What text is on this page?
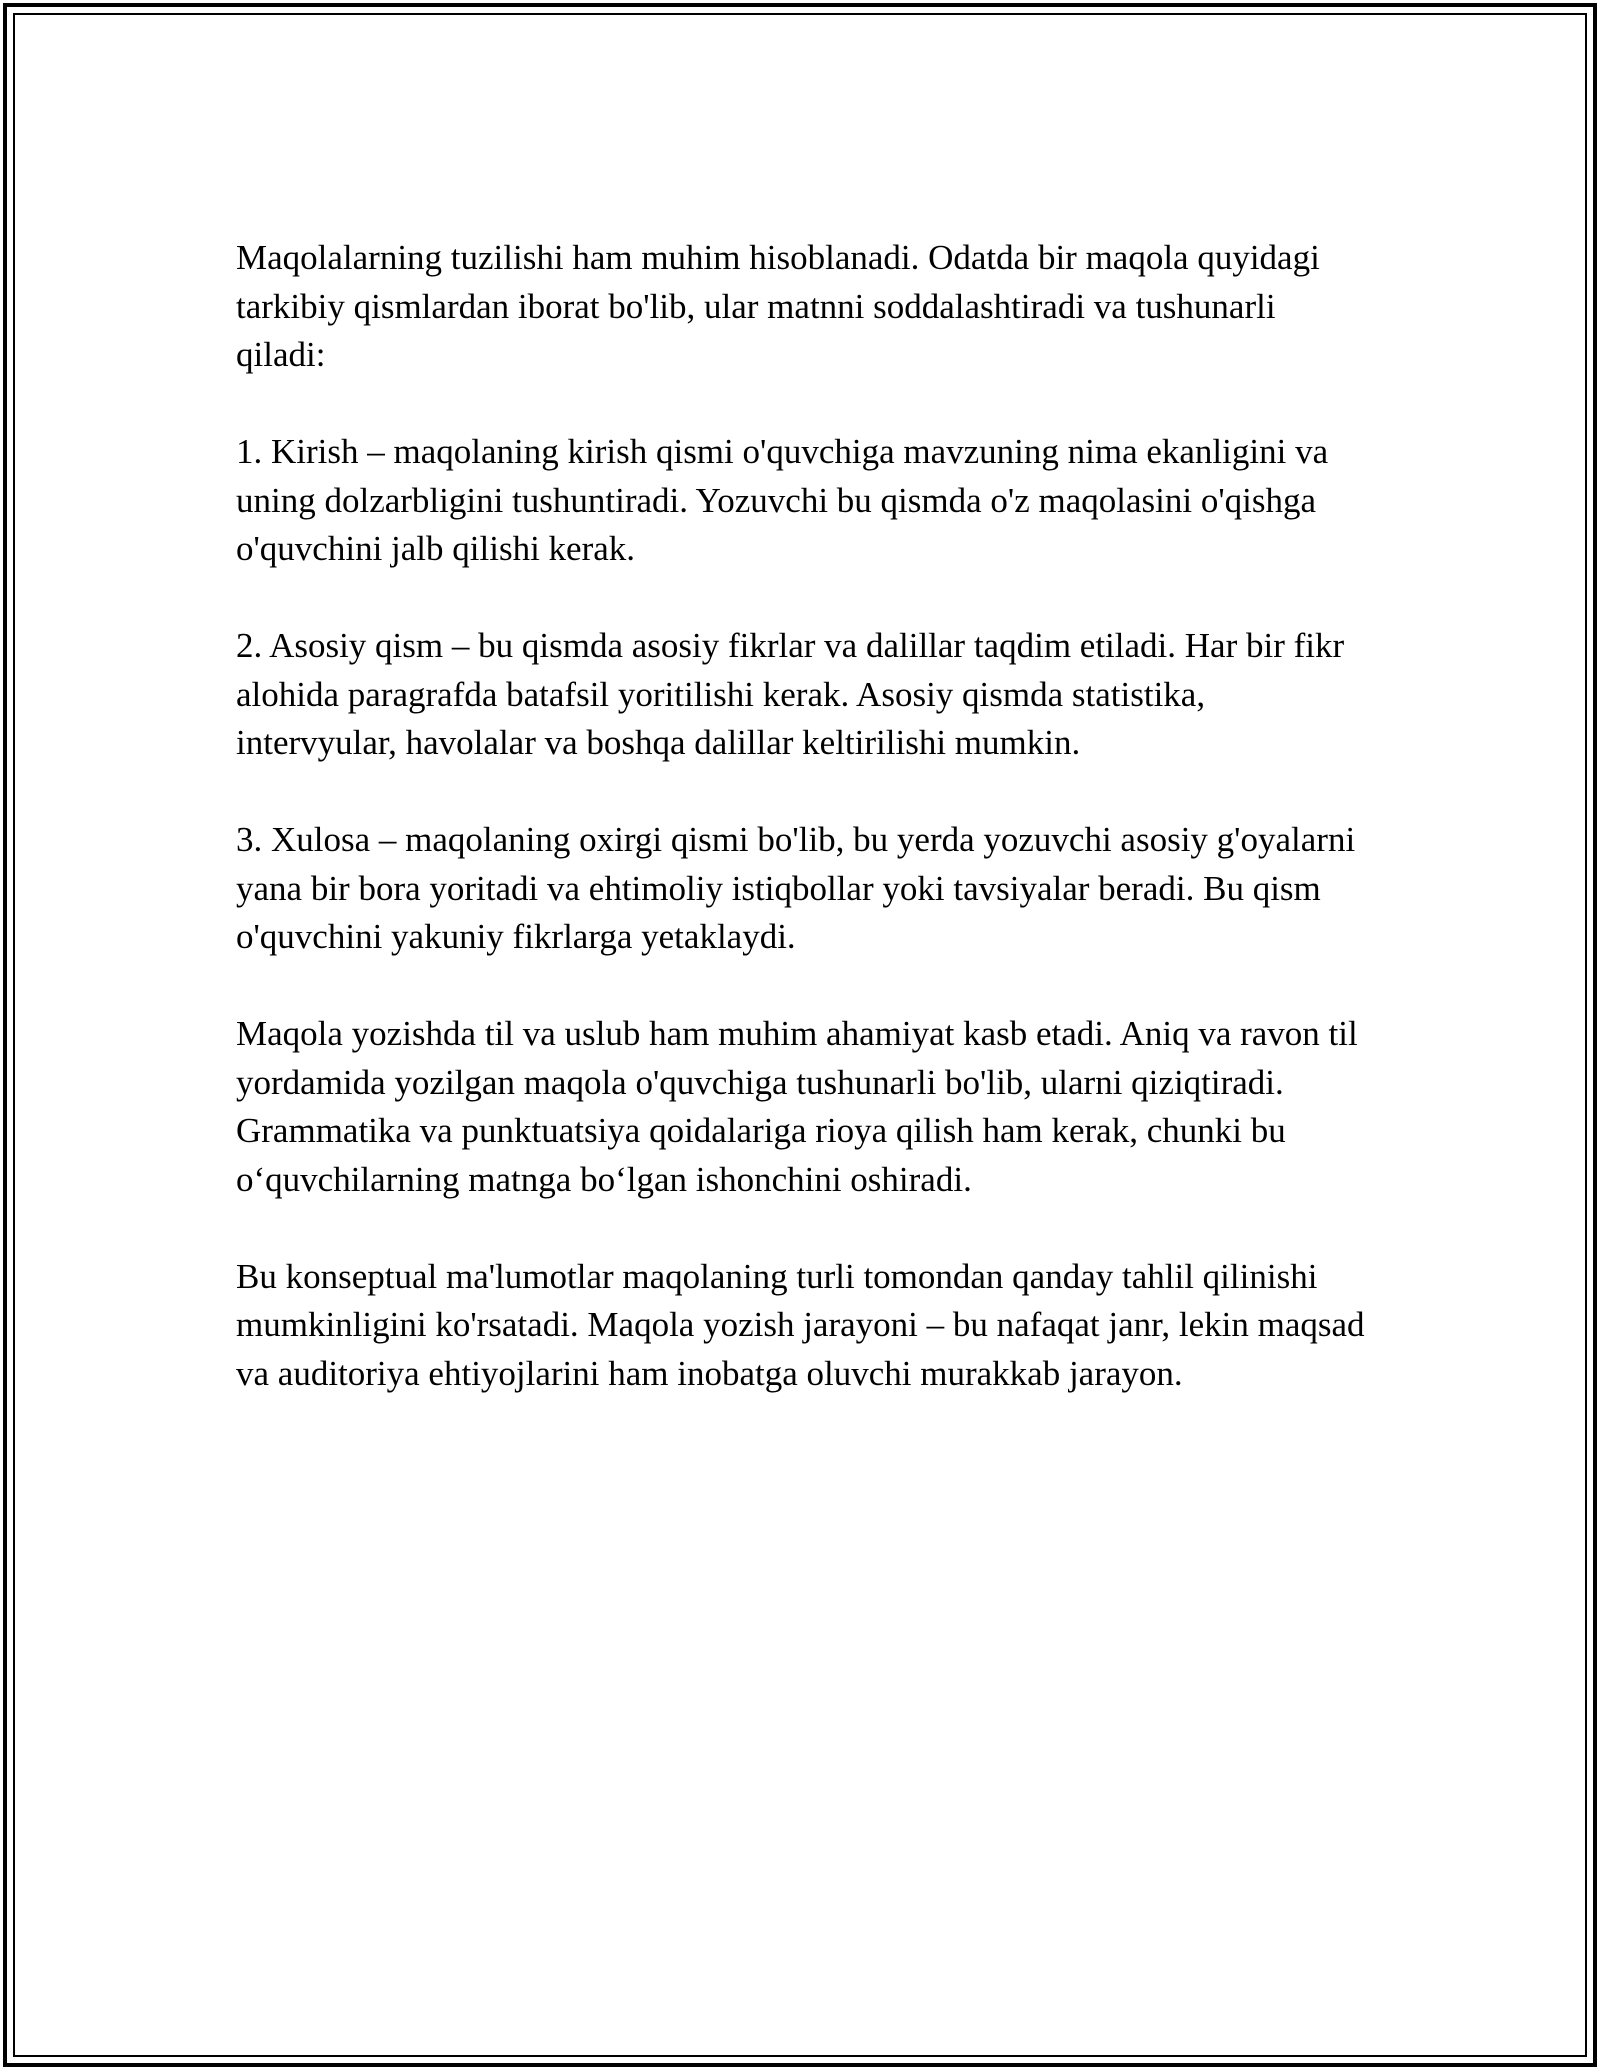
Maqolalarning tuzilishi ham muhim hisoblanadi. Odatda bir maqola quyidagi tarkibiy qismlardan iborat bo'lib, ular matnni soddalashtiradi va tushunarli qiladi:

1. Kirish – maqolaning kirish qismi o'quvchiga mavzuning nima ekanligini va uning dolzarbligini tushuntiradi. Yozuvchi bu qismda o'z maqolasini o'qishga o'quvchini jalb qilishi kerak.

2. Asosiy qism – bu qismda asosiy fikrlar va dalillar taqdim etiladi. Har bir fikr alohida paragrafda batafsil yoritilishi kerak. Asosiy qismda statistika, intervyular, havolalar va boshqa dalillar keltirilishi mumkin.

3. Xulosa – maqolaning oxirgi qismi bo'lib, bu yerda yozuvchi asosiy g'oyalarni yana bir bora yoritadi va ehtimoliy istiqbollar yoki tavsiyalar beradi. Bu qism o'quvchini yakuniy fikrlarga yetaklaydi.

Maqola yozishda til va uslub ham muhim ahamiyat kasb etadi. Aniq va ravon til yordamida yozilgan maqola o'quvchiga tushunarli bo'lib, ularni qiziqtiradi. Grammatika va punktuatsiya qoidalariga rioya qilish ham kerak, chunki bu o‘quvchilarning matnga bo‘lgan ishonchini oshiradi.

Bu konseptual ma'lumotlar maqolaning turli tomondan qanday tahlil qilinishi mumkinligini ko'rsatadi. Maqola yozish jarayoni – bu nafaqat janr, lekin maqsad va auditoriya ehtiyojlarini ham inobatga oluvchi murakkab jarayon.
